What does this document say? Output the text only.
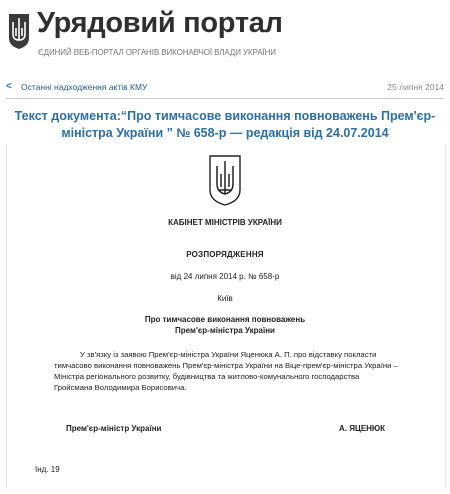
Урядовий портал
ЄДИНИЙ ВЕБ-ПОРТАЛ ОРГАНІВ ВИКОНАВЧОЇ ВЛАДИ УКРАЇНИ
< Останні надходження актів КМУ	25 липня 2014
Текст документа:“Про тимчасове виконання повноважень Прем'єр-
міністра України ” № 658-р — редакція від 24.07.2014
КАБІНЕТ МІНІСТРІВ УКРАЇНИ
РОЗПОРЯДЖЕННЯ
від 24 липня 2014 р. № 658-р
Київ
Про тимчасове виконання повноважень
Прем'єр-міністра України
У зв'язку із заявою Прем'єр-міністра України Яценюка А. П. про відставку покласти
тимчасово виконання повноважень Прем'єр-міністра України на Віце-прем'єр-міністра України –
Міністра регіонального розвитку, будівництва та житлово-комунального господарства
Гройсмана Володимира Борисовича.
Прем'єр-міністр України	А. ЯЦЕНЮК
Інд. 19
